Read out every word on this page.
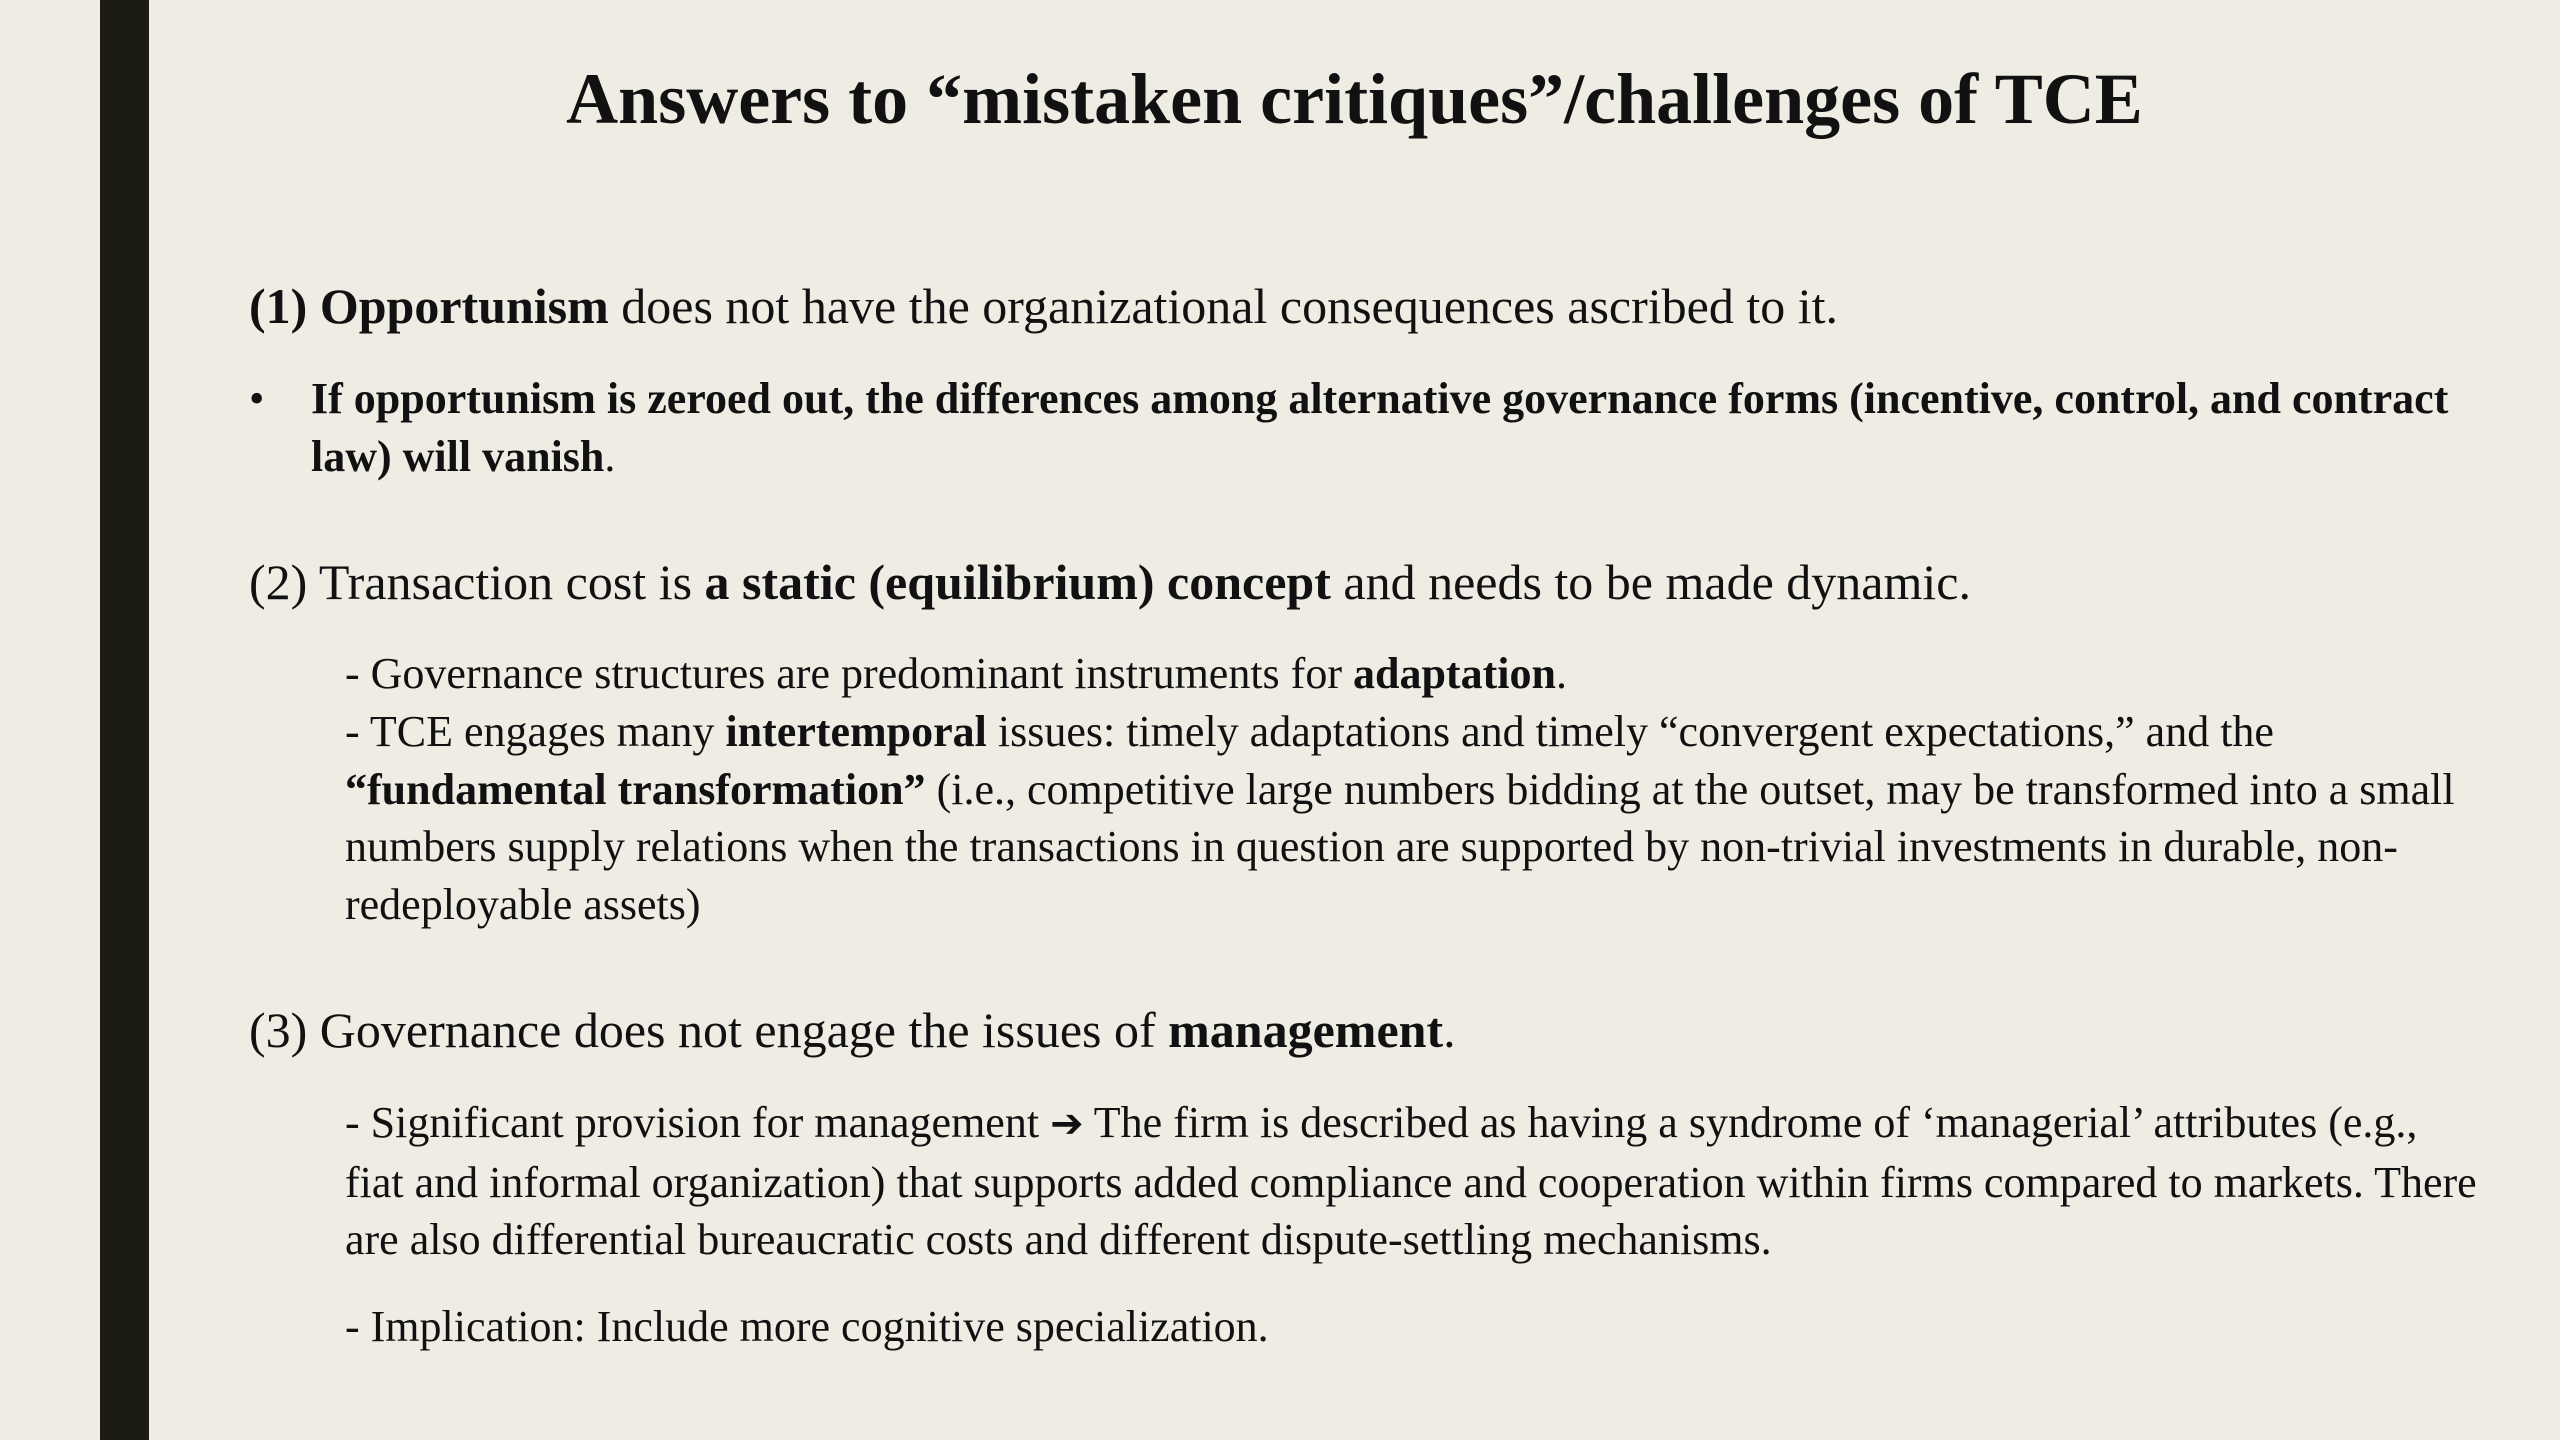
Answers to “mistaken critiques”/challenges of TCE

(1) Opportunism does not have the organizational consequences ascribed to it.

• If opportunism is zeroed out, the differences among alternative governance forms (incentive, control, and contract law) will vanish.

(2) Transaction cost is a static (equilibrium) concept and needs to be made dynamic.

- Governance structures are predominant instruments for adaptation.

- TCE engages many intertemporal issues: timely adaptations and timely “convergent expectations,” and the “fundamental transformation” (i.e., competitive large numbers bidding at the outset, may be transformed into a small numbers supply relations when the transactions in question are supported by non-trivial investments in durable, non-redeployable assets)

(3) Governance does not engage the issues of management.

- Significant provision for management ➔ The firm is described as having a syndrome of ‘managerial’ attributes (e.g., fiat and informal organization) that supports added compliance and cooperation within firms compared to markets. There are also differential bureaucratic costs and different dispute-settling mechanisms.

- Implication: Include more cognitive specialization.
